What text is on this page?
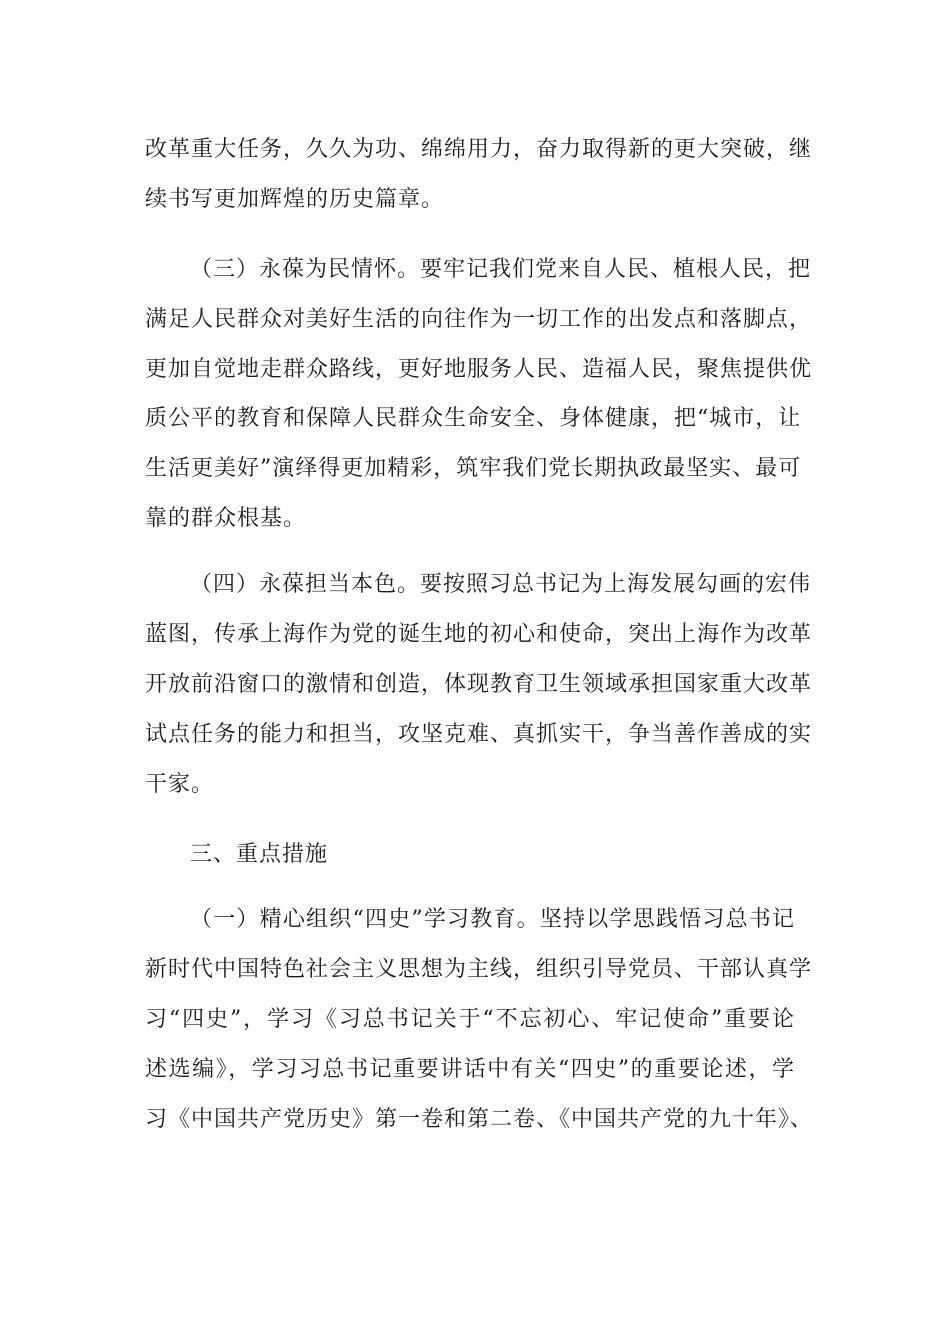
改革重大任务，久久为功、绵绵用力，奋力取得新的更大突破，继
续书写更加辉煌的历史篇章。
（三）永葆为民情怀。要牢记我们党来自人民、植根人民，把
满足人民群众对美好生活的向往作为一切工作的出发点和落脚点，
更加自觉地走群众路线，更好地服务人民、造福人民，聚焦提供优
质公平的教育和保障人民群众生命安全、身体健康，把“城市，让
生活更美好”演绎得更加精彩，筑牢我们党长期执政最坚实、最可
靠的群众根基。
（四）永葆担当本色。要按照习总书记为上海发展勾画的宏伟
蓝图，传承上海作为党的诞生地的初心和使命，突出上海作为改革
开放前沿窗口的激情和创造，体现教育卫生领域承担国家重大改革
试点任务的能力和担当，攻坚克难、真抓实干，争当善作善成的实
干家。
三、重点措施
（一）精心组织“四史”学习教育。坚持以学思践悟习总书记
新时代中国特色社会主义思想为主线，组织引导党员、干部认真学
习“四史”，学习《习总书记关于“不忘初心、牢记使命”重要论
述选编》，学习习总书记重要讲话中有关“四史”的重要论述，学
习《中国共产党历史》第一卷和第二卷、《中国共产党的九十年》、
